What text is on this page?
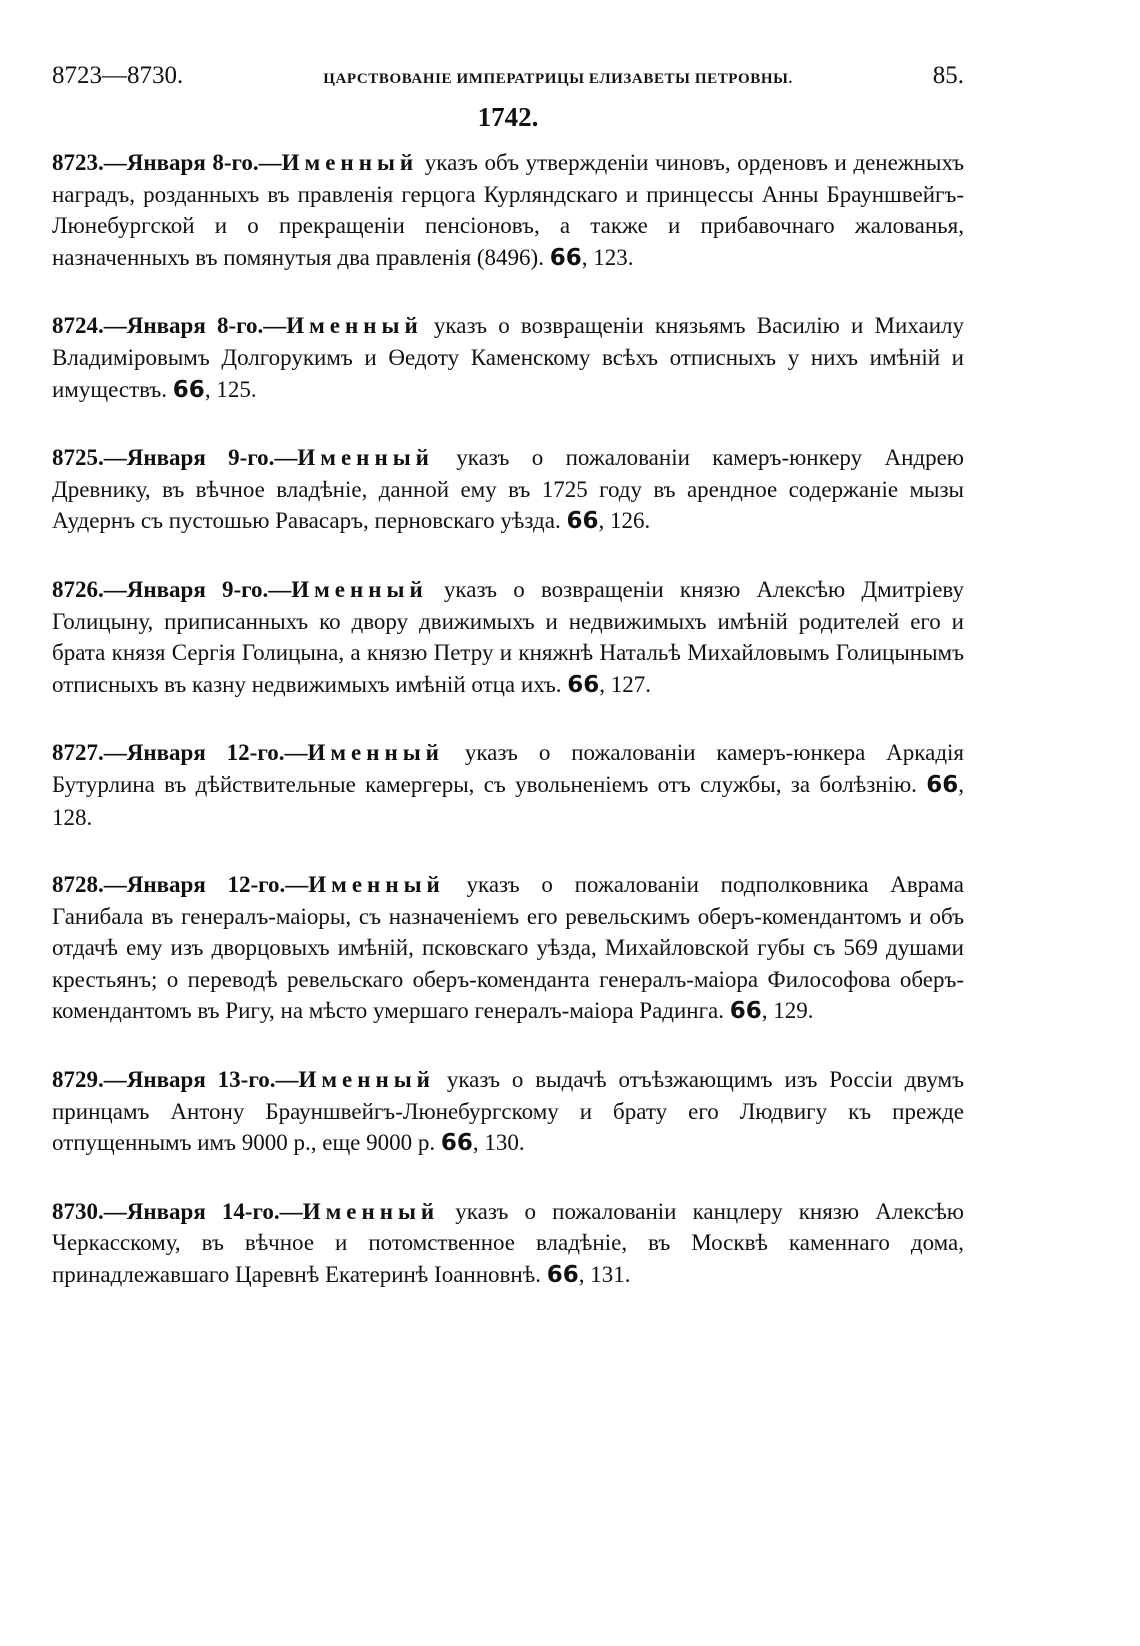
8723—8730.	ЦАРСТВОВАНІЕ ИМПЕРАТРИЦЫ ЕЛИЗАВЕТЫ ПЕТРОВНЫ.	85.
1742.

8723.—Января 8-го.—Именный указъ объ утвержденіи чиновъ, орденовъ и денежныхъ наградъ, розданныхъ въ правленія герцога Курляндскаго и принцессы Анны Брауншвейгъ-Люнебургской и о прекращеніи пенсіоновъ, а также и прибавочнаго жалованья, назначенныхъ въ помянутыя два правленія (8496). 66, 123.

8724.—Января 8-го.—Именный указъ о возвращеніи князьямъ Василію и Михаилу Владиміровымъ Долгорукимъ и Өедоту Каменскому всѣхъ отписныхъ у нихъ имѣній и имуществъ. 66, 125.

8725.—Января 9-го.—Именный указъ о пожалованіи камеръ-юнкеру Андрею Древнику, въ вѣчное владѣніе, данной ему въ 1725 году въ арендное содержаніе мызы Аудернъ съ пустошью Равасаръ, перновскаго уѣзда. 66, 126.

8726.—Января 9-го.—Именный указъ о возвращеніи князю Алексѣю Дмитріеву Голицыну, приписанныхъ ко двору движимыхъ и недвижимыхъ имѣній родителей его и брата князя Сергія Голицына, а князю Петру и княжнѣ Натальѣ Михайловымъ Голицынымъ отписныхъ въ казну недвижимыхъ имѣній отца ихъ. 66, 127.

8727.—Января 12-го.—Именный указъ о пожалованіи камеръ-юнкера Аркадія Бутурлина въ дѣйствительные камергеры, съ увольненіемъ отъ службы, за болѣзнію. 66, 128.

8728.—Января 12-го.—Именный указъ о пожалованіи подполковника Аврама Ганибала въ генералъ-маіоры, съ назначеніемъ его ревельскимъ оберъ-комендантомъ и объ отдачѣ ему изъ дворцовыхъ имѣній, псковскаго уѣзда, Михайловской губы съ 569 душами крестьянъ; о переводѣ ревельскаго оберъ-коменданта генералъ-маіора Философова оберъ-комендантомъ въ Ригу, на мѣсто умершаго генералъ-маіора Радинга. 66, 129.

8729.—Января 13-го.—Именный указъ о выдачѣ отъѣзжающимъ изъ Россіи двумъ принцамъ Антону Брауншвейгъ-Люнебургскому и брату его Людвигу къ прежде отпущеннымъ имъ 9000 р., еще 9000 р. 66, 130.

8730.—Января 14-го.—Именный указъ о пожалованіи канцлеру князю Алексѣю Черкасскому, въ вѣчное и потомственное владѣніе, въ Москвѣ каменнаго дома, принадлежавшаго Царевнѣ Екатеринѣ Іоанновнѣ. 66, 131.
